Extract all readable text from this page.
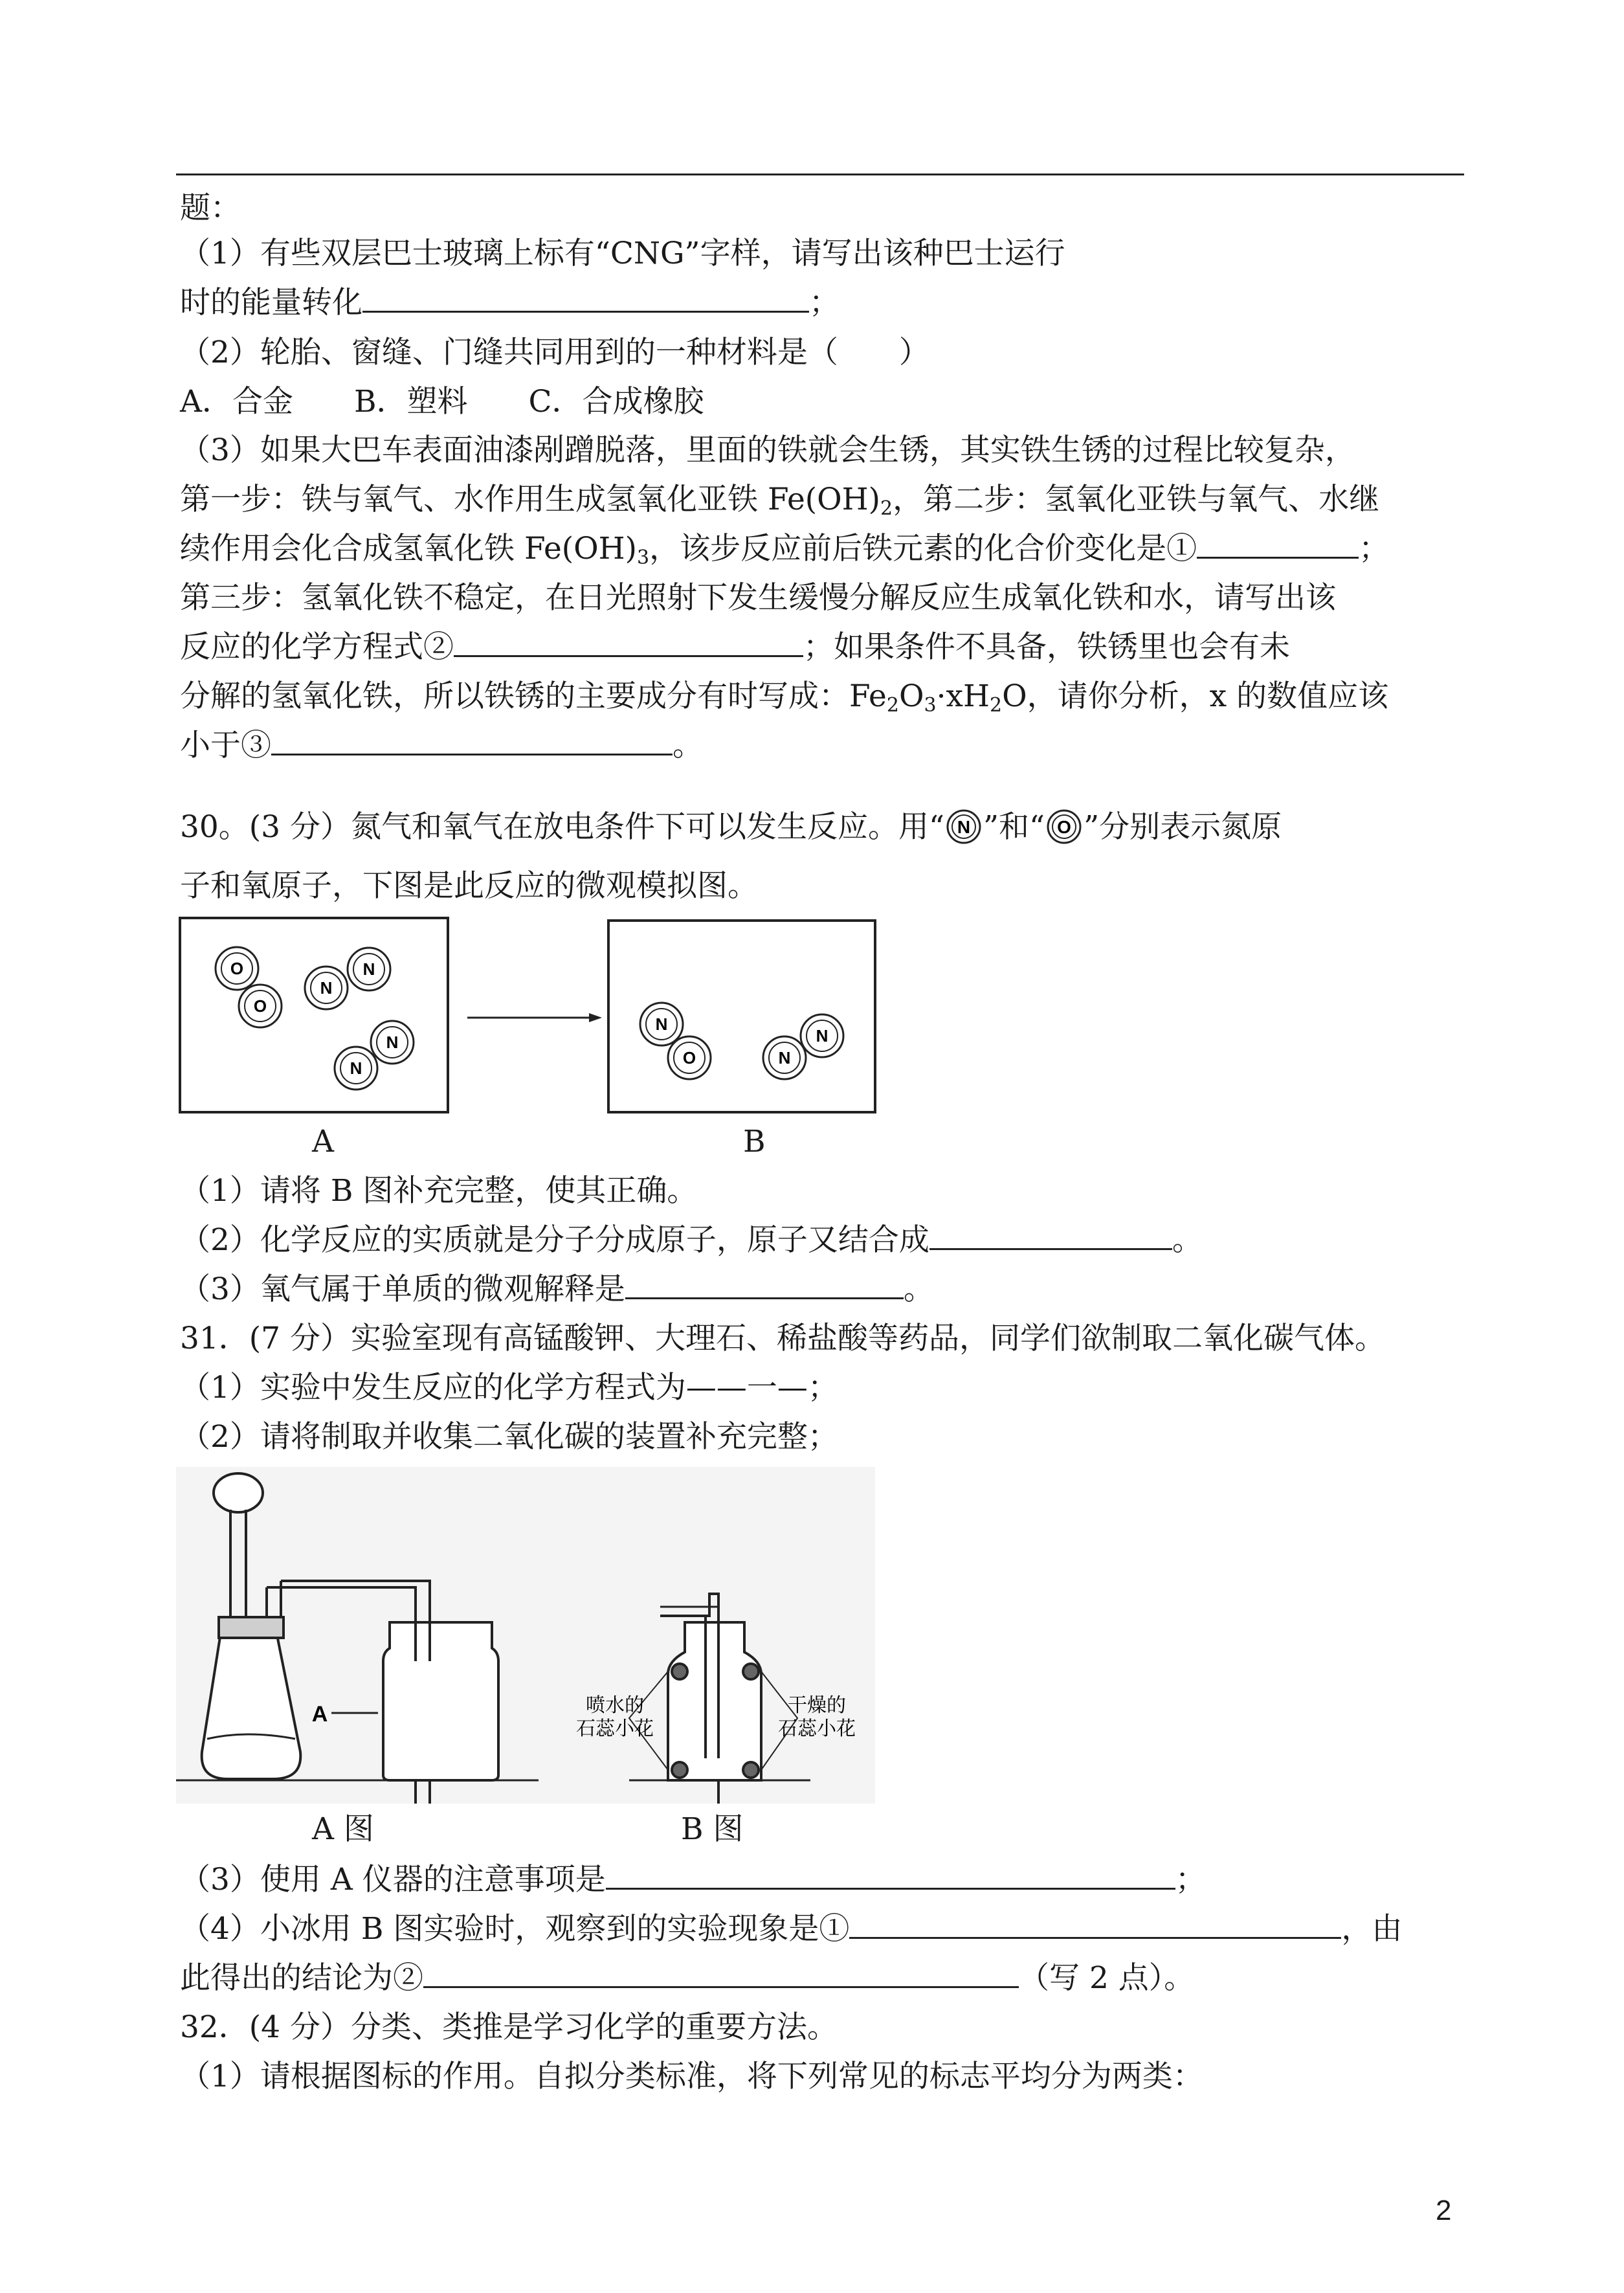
题：
（1）有些双层巴士玻璃上标有“CNG”字样，请写出该种巴士运行
时的能量转化	；
（2）轮胎、窗缝、门缝共同用到的一种材料是（　　）
A．合金　　B．塑料　　C．合成橡胶
（3）如果大巴车表面油漆剐蹭脱落，里面的铁就会生锈，其实铁生锈的过程比较复杂，
第一步：铁与氧气、水作用生成氢氧化亚铁 $Fe(OH)_2$，第二步：氢氧化亚铁与氧气、水继
续作用会化合成氢氧化铁 $Fe(OH)_3$，该步反应前后铁元素的化合价变化是①	；
第三步：氢氧化铁不稳定，在日光照射下发生缓慢分解反应生成氧化铁和水，请写出该
反应的化学方程式②	；如果条件不具备，铁锈里也会有未
分解的氢氧化铁，所以铁锈的主要成分有时写成：$Fe_2O_3\cdot xH_2O$，请你分析，x 的数值应该
小于③	。
30。(3 分）氮气和氧气在放电条件下可以发生反应。用“ N ”和“ O ”分别表示氮原
子和氧原子，下图是此反应的微观模拟图。
O
O
N
N
N
N
N
O	N
N
A	B
（1）请将 B 图补充完整，使其正确。
（2）化学反应的实质就是分子分成原子，原子又结合成	。
（3）氧气属于单质的微观解释是	。
31．(7 分）实验室现有高锰酸钾、大理石、稀盐酸等药品，同学们欲制取二氧化碳气体。
（1）实验中发生反应的化学方程式为——一—；
（2）请将制取并收集二氧化碳的装置补充完整；
A	喷水的
石蕊小花
干燥的
石蕊小花
A 图	B 图
（3）使用 A 仪器的注意事项是	；
（4）小冰用 B 图实验时，观察到的实验现象是①	，由
此得出的结论为②	（写 2 点）。
32．(4 分）分类、类推是学习化学的重要方法。
（1）请根据图标的作用。自拟分类标准，将下列常见的标志平均分为两类：
2
